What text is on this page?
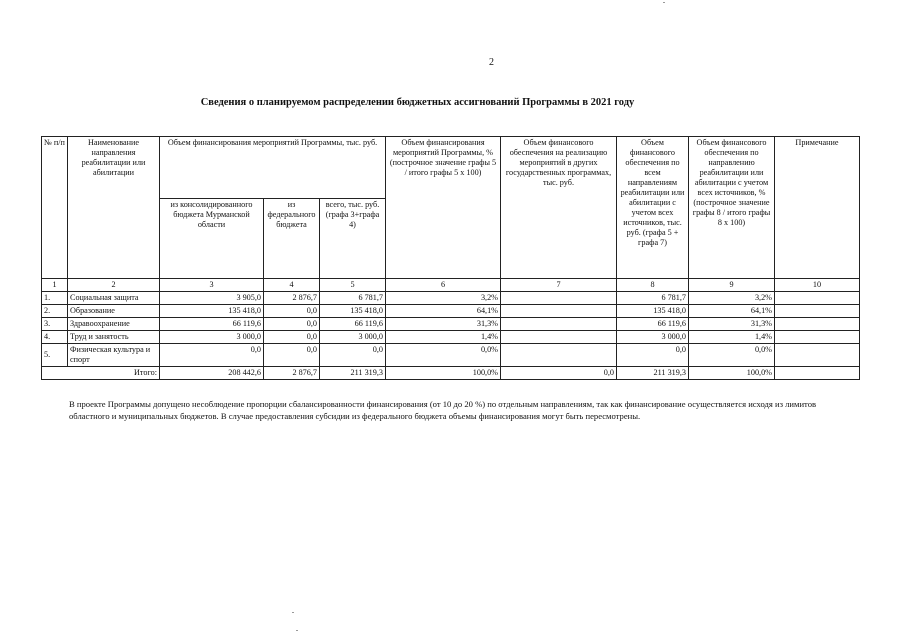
2
Сведения о планируемом распределении бюджетных ассигнований Программы в 2021 году
№ п/п	Наименование направления реабилитации или абилитации	Объем финансирования мероприятий Программы, тыс. руб.			Объем финансирования мероприятий Программы, % (построчное значение графы 5 / итого графы 5 х 100)	Объем финансового обеспечения на реализацию мероприятий в других государственных программах, тыс. руб.	Объем финансового обеспечения по всем направлениям реабилитации или абилитации с учетом всех источников, тыс. руб. (графа 5 + графа 7)	Объем финансового обеспечения по направлению реабилитации или абилитации с учетом всех источников, % (построчное значение графы 8 / итого графы 8 х 100)	Примечание
		из консолидированного бюджета Мурманской области	из федерального бюджета	всего, тыс. руб. (графа 3+графа 4)					
1	2	3	4	5	6	7	8	9	10
1.	Социальная защита	3 905,0	2 876,7	6 781,7	3,2%		6 781,7	3,2%	
2.	Образование	135 418,0	0,0	135 418,0	64,1%		135 418,0	64,1%	
3.	Здравоохранение	66 119,6	0,0	66 119,6	31,3%		66 119,6	31,3%	
4.	Труд и занятость	3 000,0	0,0	3 000,0	1,4%		3 000,0	1,4%	
5.	Физическая культура и спорт	0,0	0,0	0,0	0,0%		0,0	0,0%	
Итого:		208 442,6	2 876,7	211 319,3	100,0%	0,0	211 319,3	100,0%	
В проекте Программы допущено несоблюдение пропорции сбалансированности финансирования (от 10 до 20 %) по отдельным направлениям, так как финансирование осуществляется исходя из лимитов областного и муниципальных бюджетов. В случае предоставления субсидии из федерального бюджета объемы финансирования могут быть пересмотрены.
